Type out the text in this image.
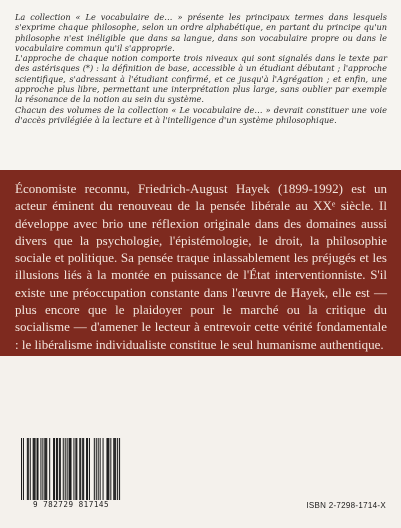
La collection « Le vocabulaire de… » présente les principaux termes dans lesquels s'exprime chaque philosophe, selon un ordre alphabétique, en partant du principe qu'un philosophe n'est inéligible que dans sa langue, dans son vocabulaire propre ou dans le vocabulaire commun qu'il s'approprie.

L'approche de chaque notion comporte trois niveaux qui sont signalés dans le texte par des astérisques (*) : la définition de base, accessible à un étudiant débutant ; l'approche scientifique, s'adressant à l'étudiant confirmé, et ce jusqu'à l'Agrégation ; et enfin, une approche plus libre, permettant une interprétation plus large, sans oublier par exemple la résonance de la notion au sein du système.

Chacun des volumes de la collection « Le vocabulaire de… » devrait constituer une voie d'accès privilégiée à la lecture et à l'intelligence d'un système philosophique.

Économiste reconnu, Friedrich-August Hayek (1899-1992) est un acteur éminent du renouveau de la pensée libérale au XXᵉ siècle. Il développe avec brio une réflexion originale dans des domaines aussi divers que la psychologie, l'épistémologie, le droit, la philosophie sociale et politique. Sa pensée traque inlassablement les préjugés et les illusions liés à la montée en puissance de l'État interventionniste. S'il existe une préoccupation constante dans l'œuvre de Hayek, elle est — plus encore que le plaidoyer pour le marché ou la critique du socialisme — d'amener le lecteur à entrevoir cette vérité fondamentale : le libéralisme individualiste constitue le seul humanisme authentique.

9 782729 817145	ISBN 2-7298-1714-X
